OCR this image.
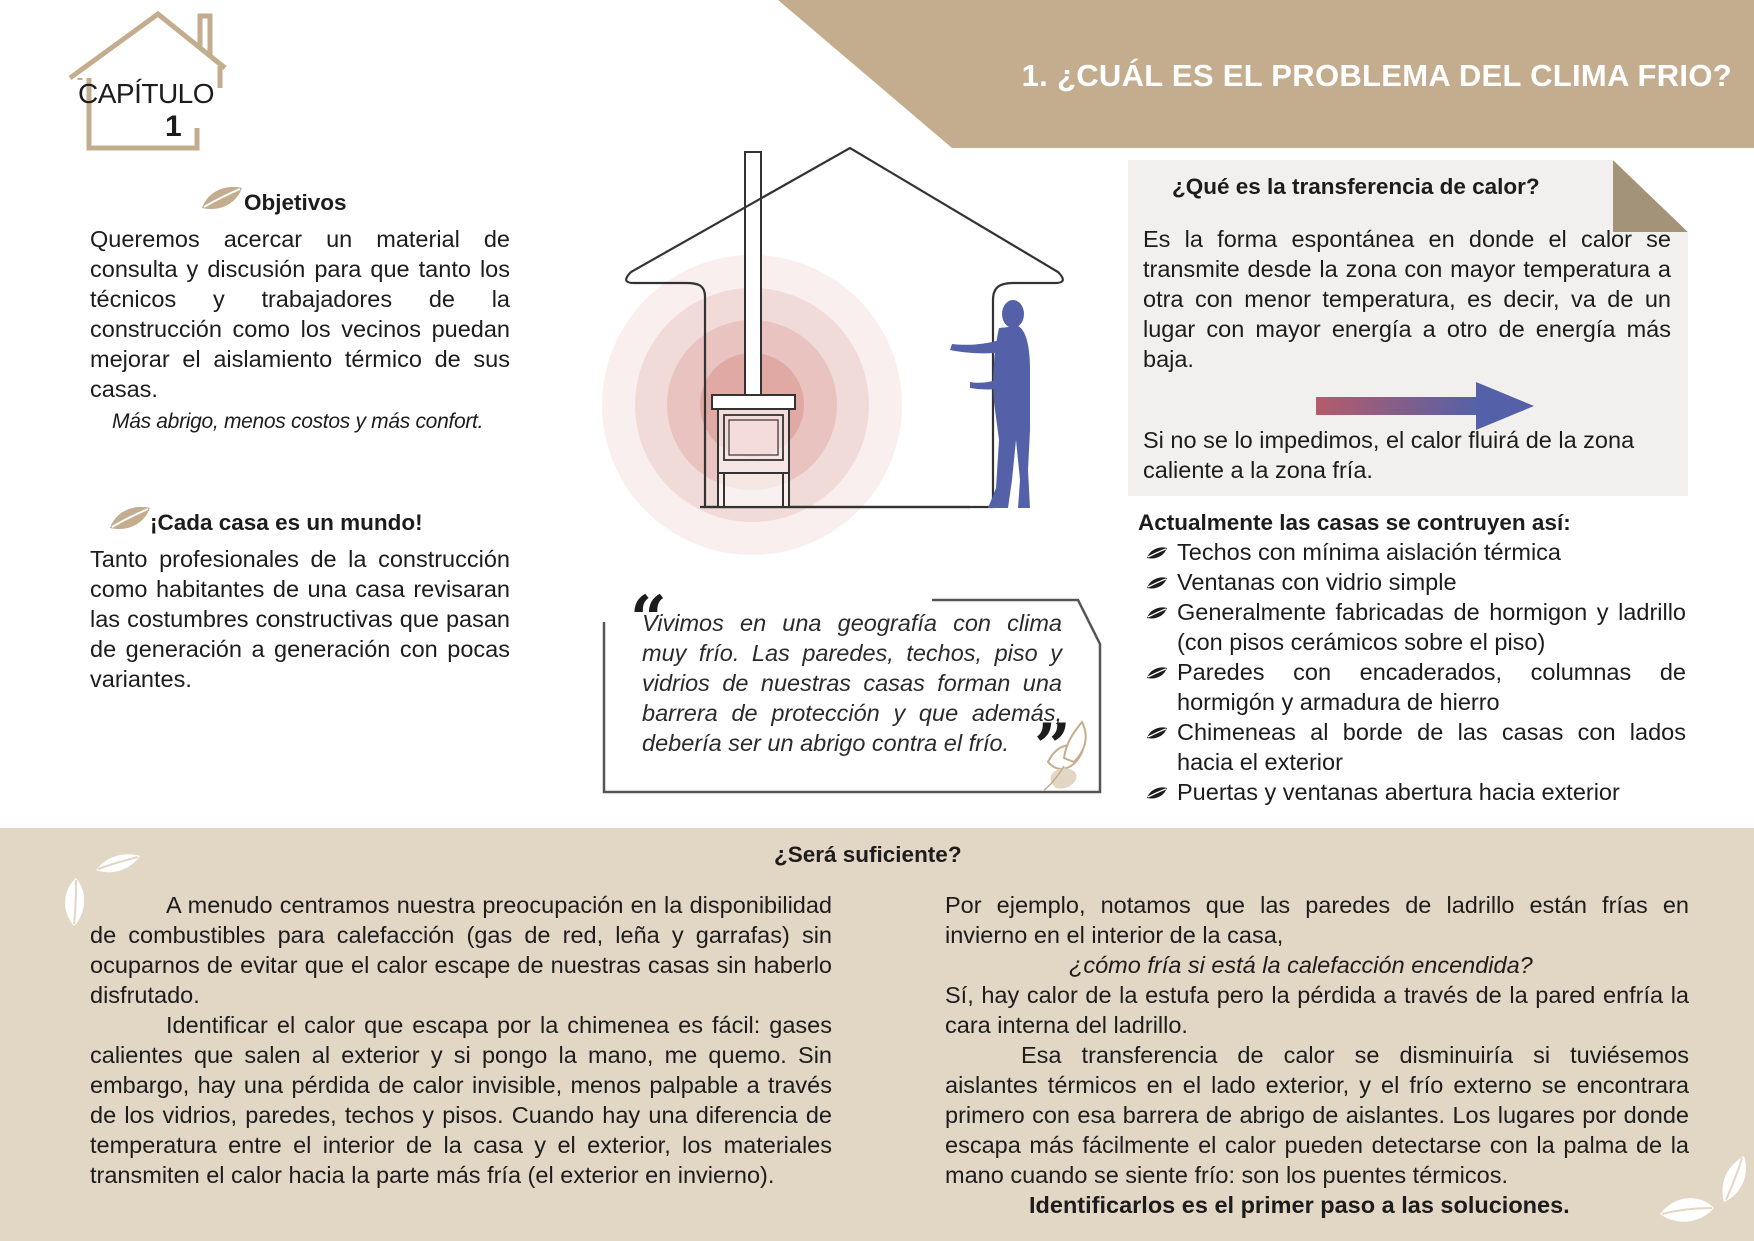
1. ¿CUÁL ES EL PROBLEMA DEL CLIMA FRIO?
CAPÍTULO
1
Objetivos
Queremos acercar un material de consulta y discusión para que tanto los técnicos y trabajadores de la construcción como los vecinos puedan mejorar el aislamiento térmico de sus casas.
Más abrigo, menos costos y más confort.
¡Cada casa es un mundo!
Tanto profesionales de la construcción como habitantes de una casa revisaran las costumbres constructivas que pasan de generación a generación con pocas variantes.
“
Vivimos en una geografía con clima muy frío. Las paredes, techos, piso y vidrios de nuestras casas forman una barrera de protección y que además, debería ser un abrigo contra el frío. ”
¿Qué es la transferencia de calor?
Es la forma espontánea en donde el calor se transmite desde la zona con mayor temperatura a otra con menor temperatura, es decir, va de un lugar con mayor energía a otro de energía más baja.
Si no se lo impedimos, el calor fluirá de la zona caliente a la zona fría.
Actualmente las casas se contruyen así:
Techos con mínima aislación térmica
Ventanas con vidrio simple
Generalmente fabricadas de hormigon y ladrillo (con pisos cerámicos sobre el piso)
Paredes con encaderados, columnas de hormigón y armadura de hierro
Chimeneas al borde de las casas con lados hacia el exterior
Puertas y ventanas abertura hacia exterior
¿Será suficiente?
A menudo centramos nuestra preocupación en la disponibilidad de combustibles para calefacción (gas de red, leña y garrafas) sin ocuparnos de evitar que el calor escape de nuestras casas sin haberlo disfrutado.
Identificar el calor que escapa por la chimenea es fácil: gases calientes que salen al exterior y si pongo la mano, me quemo. Sin embargo, hay una pérdida de calor invisible, menos palpable a través de los vidrios, paredes, techos y pisos. Cuando hay una diferencia de temperatura entre el interior de la casa y el exterior, los materiales transmiten el calor hacia la parte más fría (el exterior en invierno).
Por ejemplo, notamos que las paredes de ladrillo están frías en invierno en el interior de la casa,
¿cómo fría si está la calefacción encendida?
Sí, hay calor de la estufa pero la pérdida a través de la pared enfría la cara interna del ladrillo.
Esa transferencia de calor se disminuiría si tuviésemos aislantes térmicos en el lado exterior, y el frío externo se encontrara primero con esa barrera de abrigo de aislantes. Los lugares por donde escapa más fácilmente el calor pueden detectarse con la palma de la mano cuando se siente frío: son los puentes térmicos.
Identificarlos es el primer paso a las soluciones.
